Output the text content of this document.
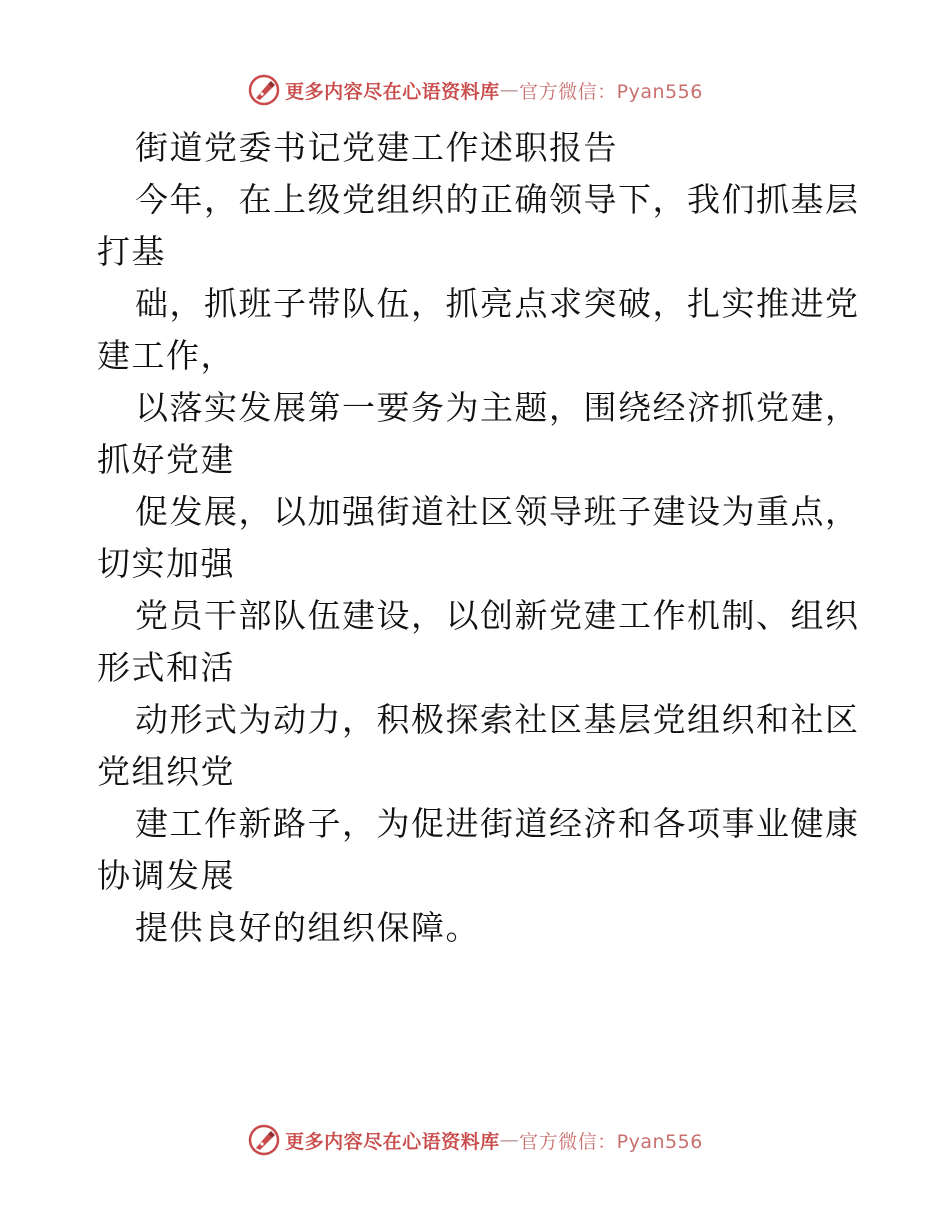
更多内容尽在心语资料库 — 官方微信：Pyan556
街道党委书记党建工作述职报告
今年，在上级党组织的正确领导下，我们抓基层
打基
础，抓班子带队伍，抓亮点求突破，扎实推进党
建工作，
以落实发展第一要务为主题，围绕经济抓党建，
抓好党建
促发展，以加强街道社区领导班子建设为重点，
切实加强
党员干部队伍建设，以创新党建工作机制、组织
形式和活
动形式为动力，积极探索社区基层党组织和社区
党组织党
建工作新路子，为促进街道经济和各项事业健康
协调发展
提供良好的组织保障。
更多内容尽在心语资料库 — 官方微信：Pyan556
